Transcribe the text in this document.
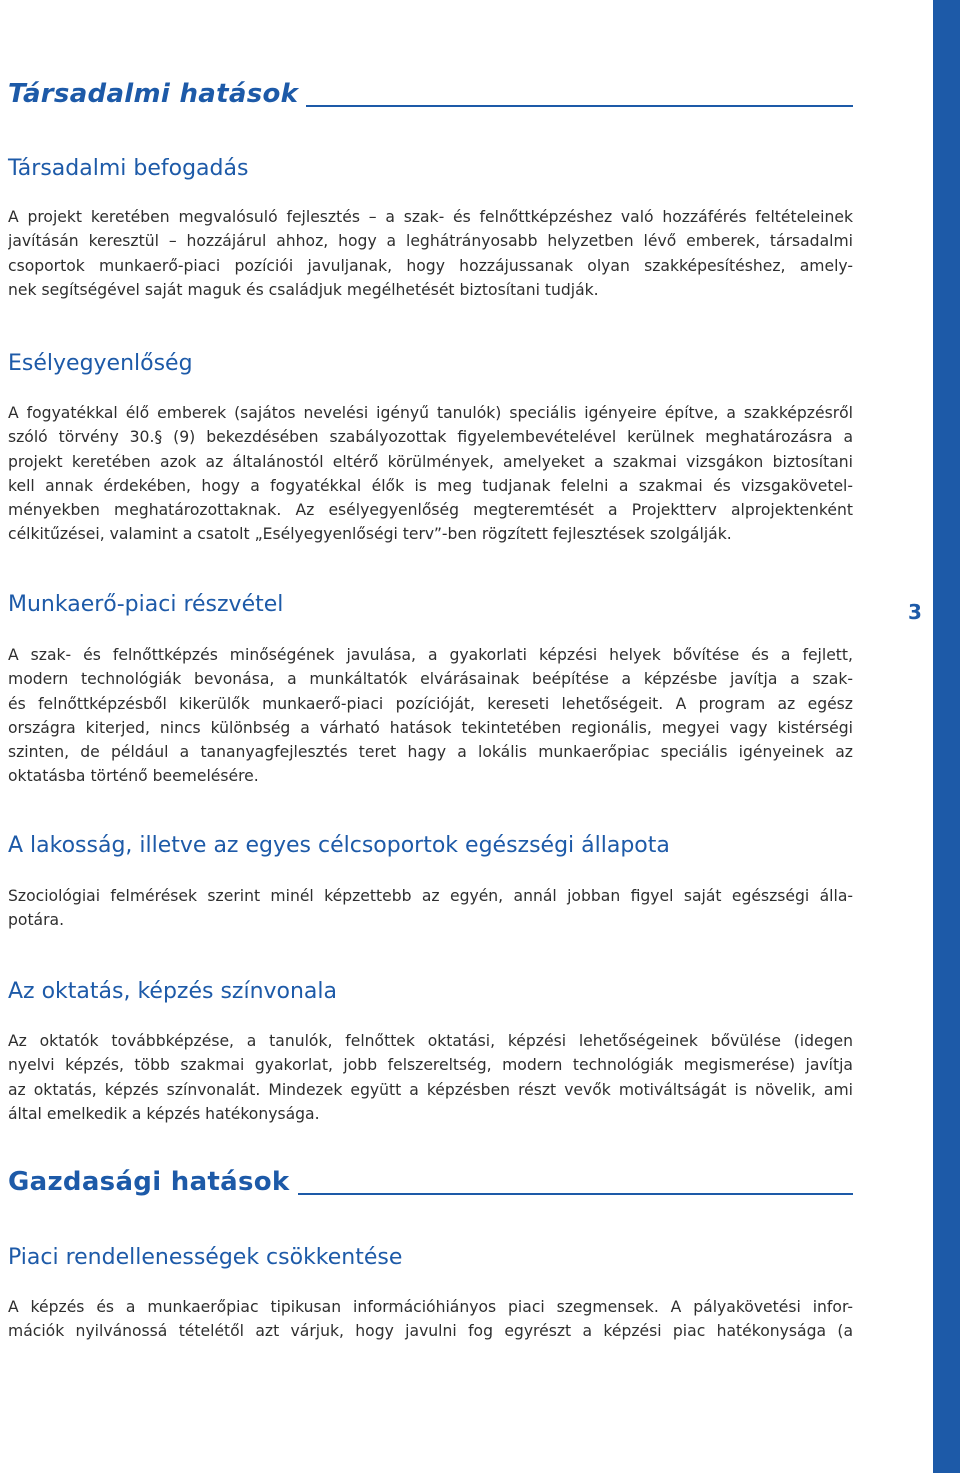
3
Társadalmi hatások
Társadalmi befogadás

A projekt keretében megvalósuló fejlesztés – a szak- és felnőttképzéshez való hozzáférés feltételeinek
javításán keresztül – hozzájárul ahhoz, hogy a leghátrányosabb helyzetben lévő emberek, társadalmi
csoportok munkaerő-piaci pozíciói javuljanak, hogy hozzájussanak olyan szakképesítéshez, amely-
nek segítségével saját maguk és családjuk megélhetését biztosítani tudják.

Esélyegyenlőség

A fogyatékkal élő emberek (sajátos nevelési igényű tanulók) speciális igényeire építve, a szakképzésről
szóló törvény 30.§ (9) bekezdésében szabályozottak figyelembevételével kerülnek meghatározásra a
projekt keretében azok az általánostól eltérő körülmények, amelyeket a szakmai vizsgákon biztosítani
kell annak érdekében, hogy a fogyatékkal élők is meg tudjanak felelni a szakmai és vizsgakövetel-
ményekben meghatározottaknak. Az esélyegyenlőség megteremtését a Projektterv alprojektenként
célkitűzései, valamint a csatolt „Esélyegyenlőségi terv”-ben rögzített fejlesztések szolgálják.

Munkaerő-piaci részvétel

A szak- és felnőttképzés minőségének javulása, a gyakorlati képzési helyek bővítése és a fejlett,
modern technológiák bevonása, a munkáltatók elvárásainak beépítése a képzésbe javítja a szak-
és felnőttképzésből kikerülők munkaerő-piaci pozícióját, kereseti lehetőségeit. A program az egész
országra kiterjed, nincs különbség a várható hatások tekintetében regionális, megyei vagy kistérségi
szinten, de például a tananyagfejlesztés teret hagy a lokális munkaerőpiac speciális igényeinek az
oktatásba történő beemelésére.

A lakosság, illetve az egyes célcsoportok egészségi állapota

Szociológiai felmérések szerint minél képzettebb az egyén, annál jobban figyel saját egészségi álla-
potára.

Az oktatás, képzés színvonala

Az oktatók továbbképzése, a tanulók, felnőttek oktatási, képzési lehetőségeinek bővülése (idegen
nyelvi képzés, több szakmai gyakorlat, jobb felszereltség, modern technológiák megismerése) javítja
az oktatás, képzés színvonalát. Mindezek együtt a képzésben részt vevők motiváltságát is növelik, ami
által emelkedik a képzés hatékonysága.

Gazdasági hatások
Piaci rendellenességek csökkentése

A képzés és a munkaerőpiac tipikusan információhiányos piaci szegmensek. A pályakövetési infor-
mációk nyilvánossá tételétől azt várjuk, hogy javulni fog egyrészt a képzési piac hatékonysága (a
